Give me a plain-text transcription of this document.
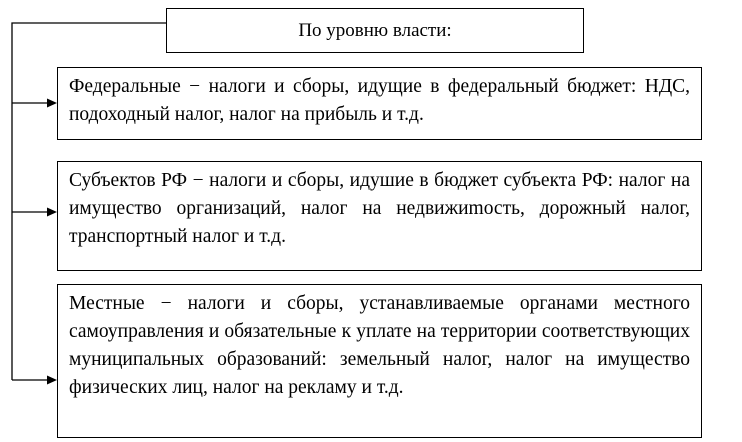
По уровню власти:
Федеральные − налоги и сборы, идущие в федеральный бюджет: НДС, подоходный налог, налог на прибыль и т.д.
Субъектов РФ − налоги и сборы, идушие в бюджет субъекта РФ: налог на имущество организаций, налог на недвижиmость, дорожный налог, транспортный налог и т.д.
Местные − налоги и сборы, устанавливаемые органами местного самоуправления и обязательные к уплате на территории соответствующих муниципальных образований: земельный налог, налог на имущество физических лиц, налог на рекламу и т.д.
